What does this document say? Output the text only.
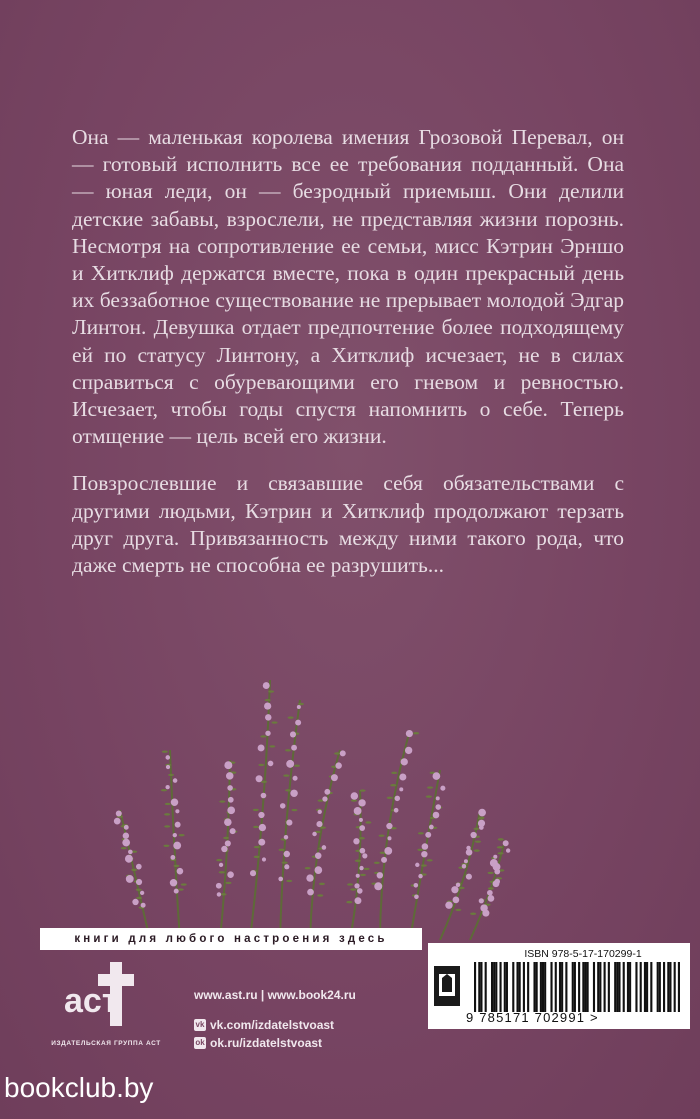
Она — маленькая королева имения Грозовой Перевал, он — готовый исполнить все ее требования подданный. Она — юная леди, он — безродный приемыш. Они делили детские забавы, взрослели, не представляя жизни порознь. Несмотря на сопротивление ее семьи, мисс Кэтрин Эрншо и Хитклиф держатся вместе, пока в один прекрасный день их беззаботное существование не прерывает молодой Эдгар Линтон. Девушка отдает предпочтение более подходящему ей по статусу Линтону, а Хитклиф исчезает, не в силах справиться с обуревающими его гневом и ревностью. Исчезает, чтобы годы спустя напомнить о себе. Теперь отмщение — цель всей его жизни.

Повзрослевшие и связавшие себя обязательствами с другими людьми, Кэтрин и Хитклиф продолжают терзать друг друга. Привязанность между ними такого рода, что даже смерть не способна ее разрушить...

книги для любого настроения здесь
аст
ИЗДАТЕЛЬСКАЯ ГРУППА АСТ
www.ast.ru | www.book24.ru
vk vk.com/izdatelstvoast
ok ok.ru/izdatelstvoast
ISBN 978-5-17-170299-1
9 785171 702991 >
bookclub.by
